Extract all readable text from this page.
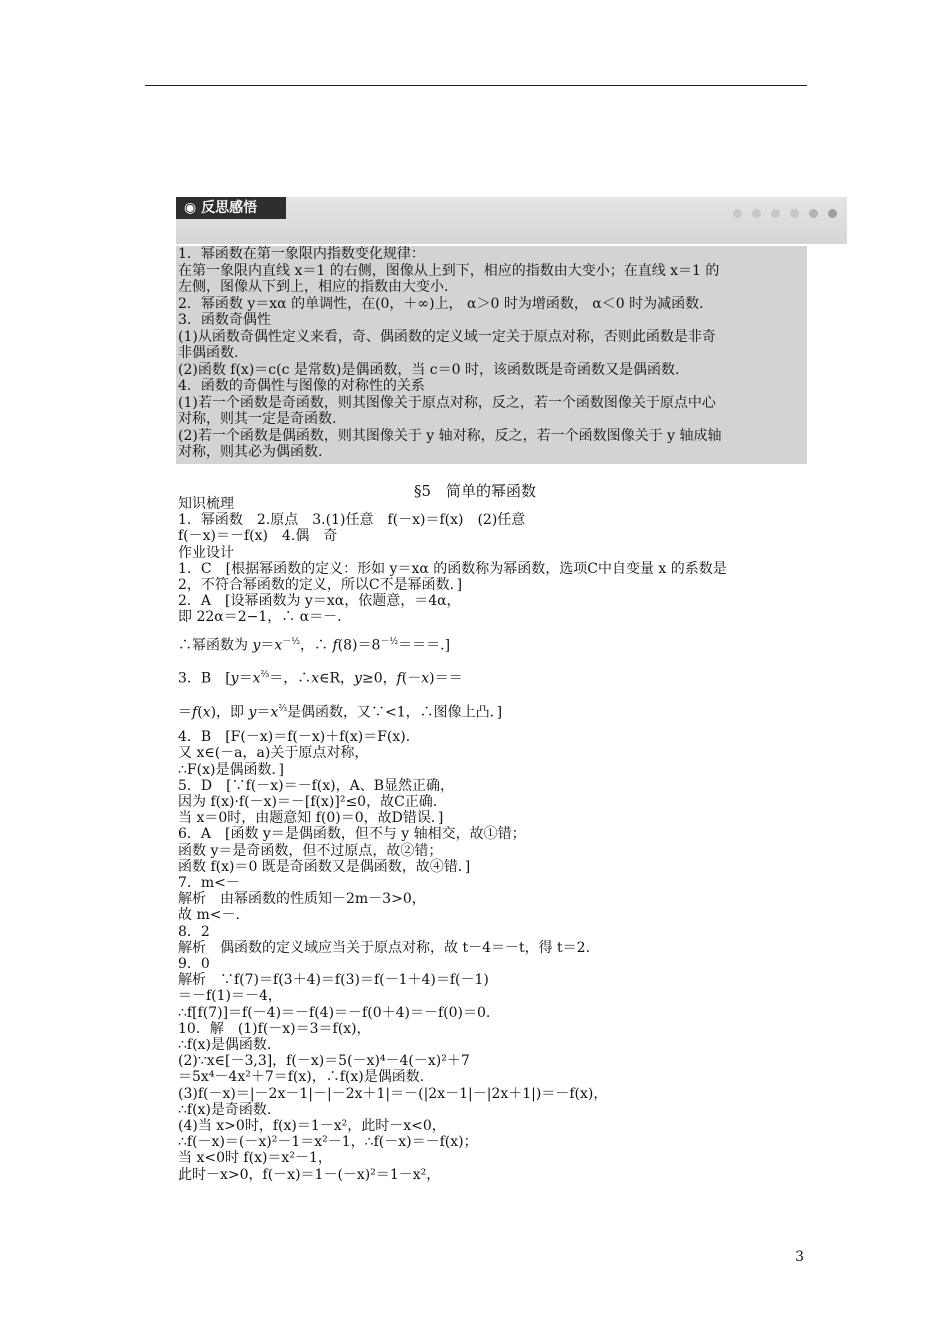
◉ 反思感悟
1．幂函数在第一象限内指数变化规律：
在第一象限内直线 x＝1 的右侧，图像从上到下，相应的指数由大变小；在直线 x＝1 的
左侧，图像从下到上，相应的指数由大变小.
2．幂函数 y＝xα 的单调性，在(0，＋∞)上， α＞0 时为增函数， α＜0 时为减函数.
3．函数奇偶性
(1)从函数奇偶性定义来看，奇、偶函数的定义域一定关于原点对称，否则此函数是非奇
非偶函数.
(2)函数 f(x)＝c(c 是常数)是偶函数，当 c＝0 时，该函数既是奇函数又是偶函数.
4．函数的奇偶性与图像的对称性的关系
(1)若一个函数是奇函数，则其图像关于原点对称，反之，若一个函数图像关于原点中心
对称，则其一定是奇函数.
(2)若一个函数是偶函数，则其图像关于 y 轴对称，反之，若一个函数图像关于 y 轴成轴
对称，则其必为偶函数.
§5　简单的幂函数
知识梳理
1．幂函数　2.原点　3.(1)任意　f(－x)＝f(x)　(2)任意
f(－x)＝－f(x)　4.偶　奇
作业设计
1．C　[根据幂函数的定义：形如 y＝xα 的函数称为幂函数，选项C中自变量 x 的系数是
2，不符合幂函数的定义，所以C不是幂函数．]
2．A　[设幂函数为 y＝xα，依题意，＝4α，
即 22α＝2−1，∴ α＝－.
∴幂函数为 $y=x^{-\frac{1}{2}}$，∴ $f(8)=8^{-\frac{1}{2}}===$.]
3．B　[$y=x^{\frac{2}{3}}=$，∴x∈R，y≥0，f(－x)＝＝
＝f(x)，即 $y=x^{\frac{2}{3}}$是偶函数，又∵<1，∴图像上凸．]
4．B　[F(－x)＝f(－x)＋f(x)＝F(x)．
又 x∈(－a，a)关于原点对称，
∴F(x)是偶函数．]
5．D　[∵f(－x)＝－f(x)，A、B显然正确，
因为 f(x)·f(－x)＝－[f(x)]²≤0，故C正确.
当 x＝0时，由题意知 f(0)＝0，故D错误．]
6．A　[函数 y＝是偶函数，但不与 y 轴相交，故①错；
函数 y＝是奇函数，但不过原点，故②错；
函数 f(x)＝0 既是奇函数又是偶函数，故④错．]
7．m<－
解析　由幂函数的性质知－2m－3>0，
故 m<－.
8．2
解析　偶函数的定义域应当关于原点对称，故 t－4＝－t，得 t＝2.
9．0
解析　∵f(7)＝f(3＋4)＝f(3)＝f(－1＋4)＝f(－1)
＝－f(1)＝－4，
∴f[f(7)]＝f(－4)＝－f(4)＝－f(0＋4)＝－f(0)＝0.
10．解　(1)f(－x)＝3＝f(x)，
∴f(x)是偶函数.
(2)∵x∈[－3,3]，f(－x)＝5(－x)⁴－4(－x)²＋7
＝5x⁴－4x²＋7＝f(x)，∴f(x)是偶函数.
(3)f(－x)＝|－2x－1|－|－2x＋1|＝－(|2x－1|－|2x＋1|)＝－f(x)，
∴f(x)是奇函数.
(4)当 x>0时，f(x)＝1－x²，此时－x<0，
∴f(－x)＝(－x)²－1＝x²－1，∴f(－x)＝－f(x)；
当 x<0时 f(x)＝x²－1，
此时－x>0，f(－x)＝1－(－x)²＝1－x²，
3
